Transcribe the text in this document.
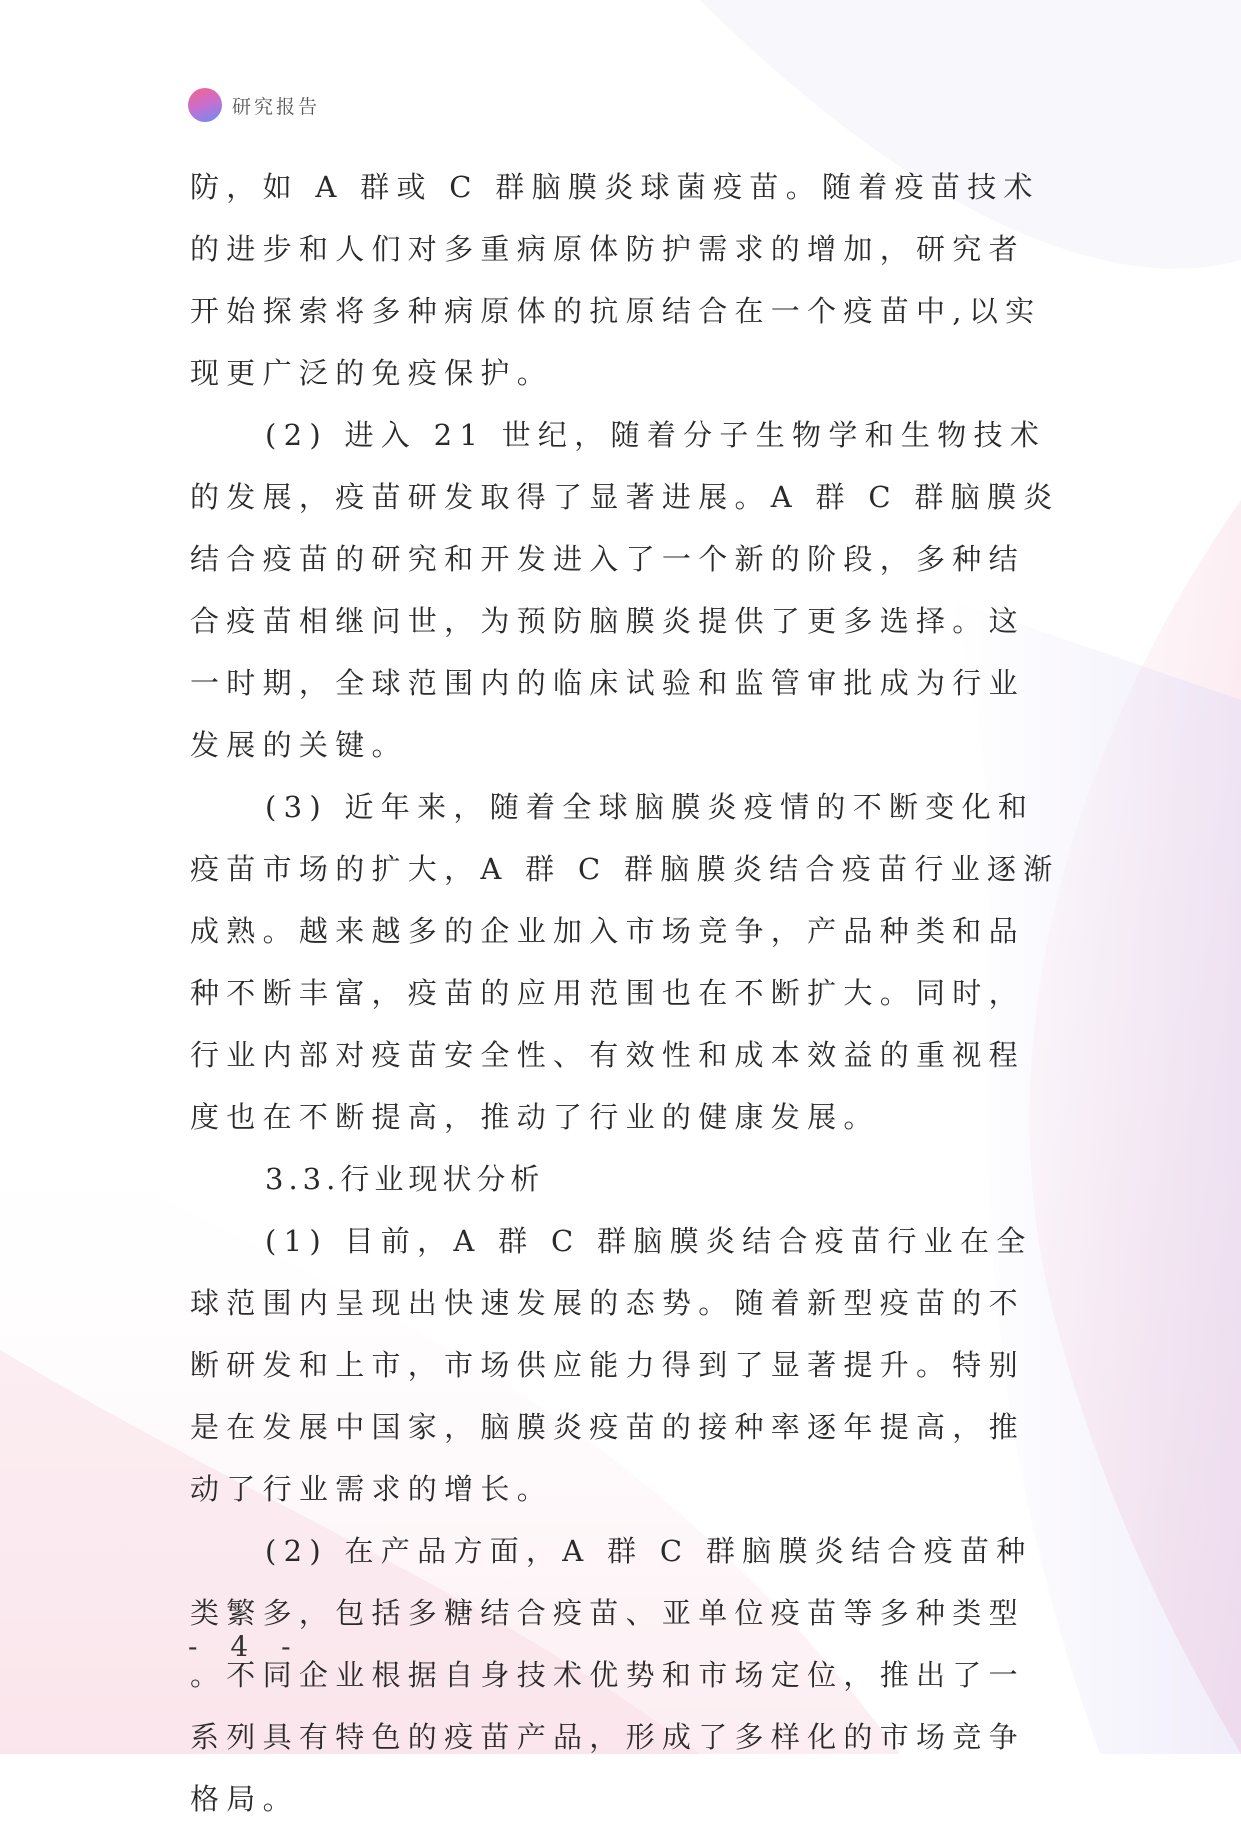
研究报告

防，如 A 群或 C 群脑膜炎球菌疫苗。随着疫苗技术的进步和人们对多重病原体防护需求的增加，研究者开始探索将多种病原体的抗原结合在一个疫苗中,以实现更广泛的免疫保护。

(2) 进入 21 世纪，随着分子生物学和生物技术的发展，疫苗研发取得了显著进展。A 群 C 群脑膜炎结合疫苗的研究和开发进入了一个新的阶段，多种结合疫苗相继问世，为预防脑膜炎提供了更多选择。这一时期，全球范围内的临床试验和监管审批成为行业发展的关键。

(3) 近年来，随着全球脑膜炎疫情的不断变化和疫苗市场的扩大，A 群 C 群脑膜炎结合疫苗行业逐渐成熟。越来越多的企业加入市场竞争，产品种类和品种不断丰富，疫苗的应用范围也在不断扩大。同时，行业内部对疫苗安全性、有效性和成本效益的重视程度也在不断提高，推动了行业的健康发展。

3.3.行业现状分析

(1) 目前，A 群 C 群脑膜炎结合疫苗行业在全球范围内呈现出快速发展的态势。随着新型疫苗的不断研发和上市，市场供应能力得到了显著提升。特别是在发展中国家，脑膜炎疫苗的接种率逐年提高，推动了行业需求的增长。

(2) 在产品方面，A 群 C 群脑膜炎结合疫苗种类繁多，包括多糖结合疫苗、亚单位疫苗等多种类型。不同企业根据自身技术优势和市场定位，推出了一系列具有特色的疫苗产品，形成了多样化的市场竞争格局。

- 4 -
